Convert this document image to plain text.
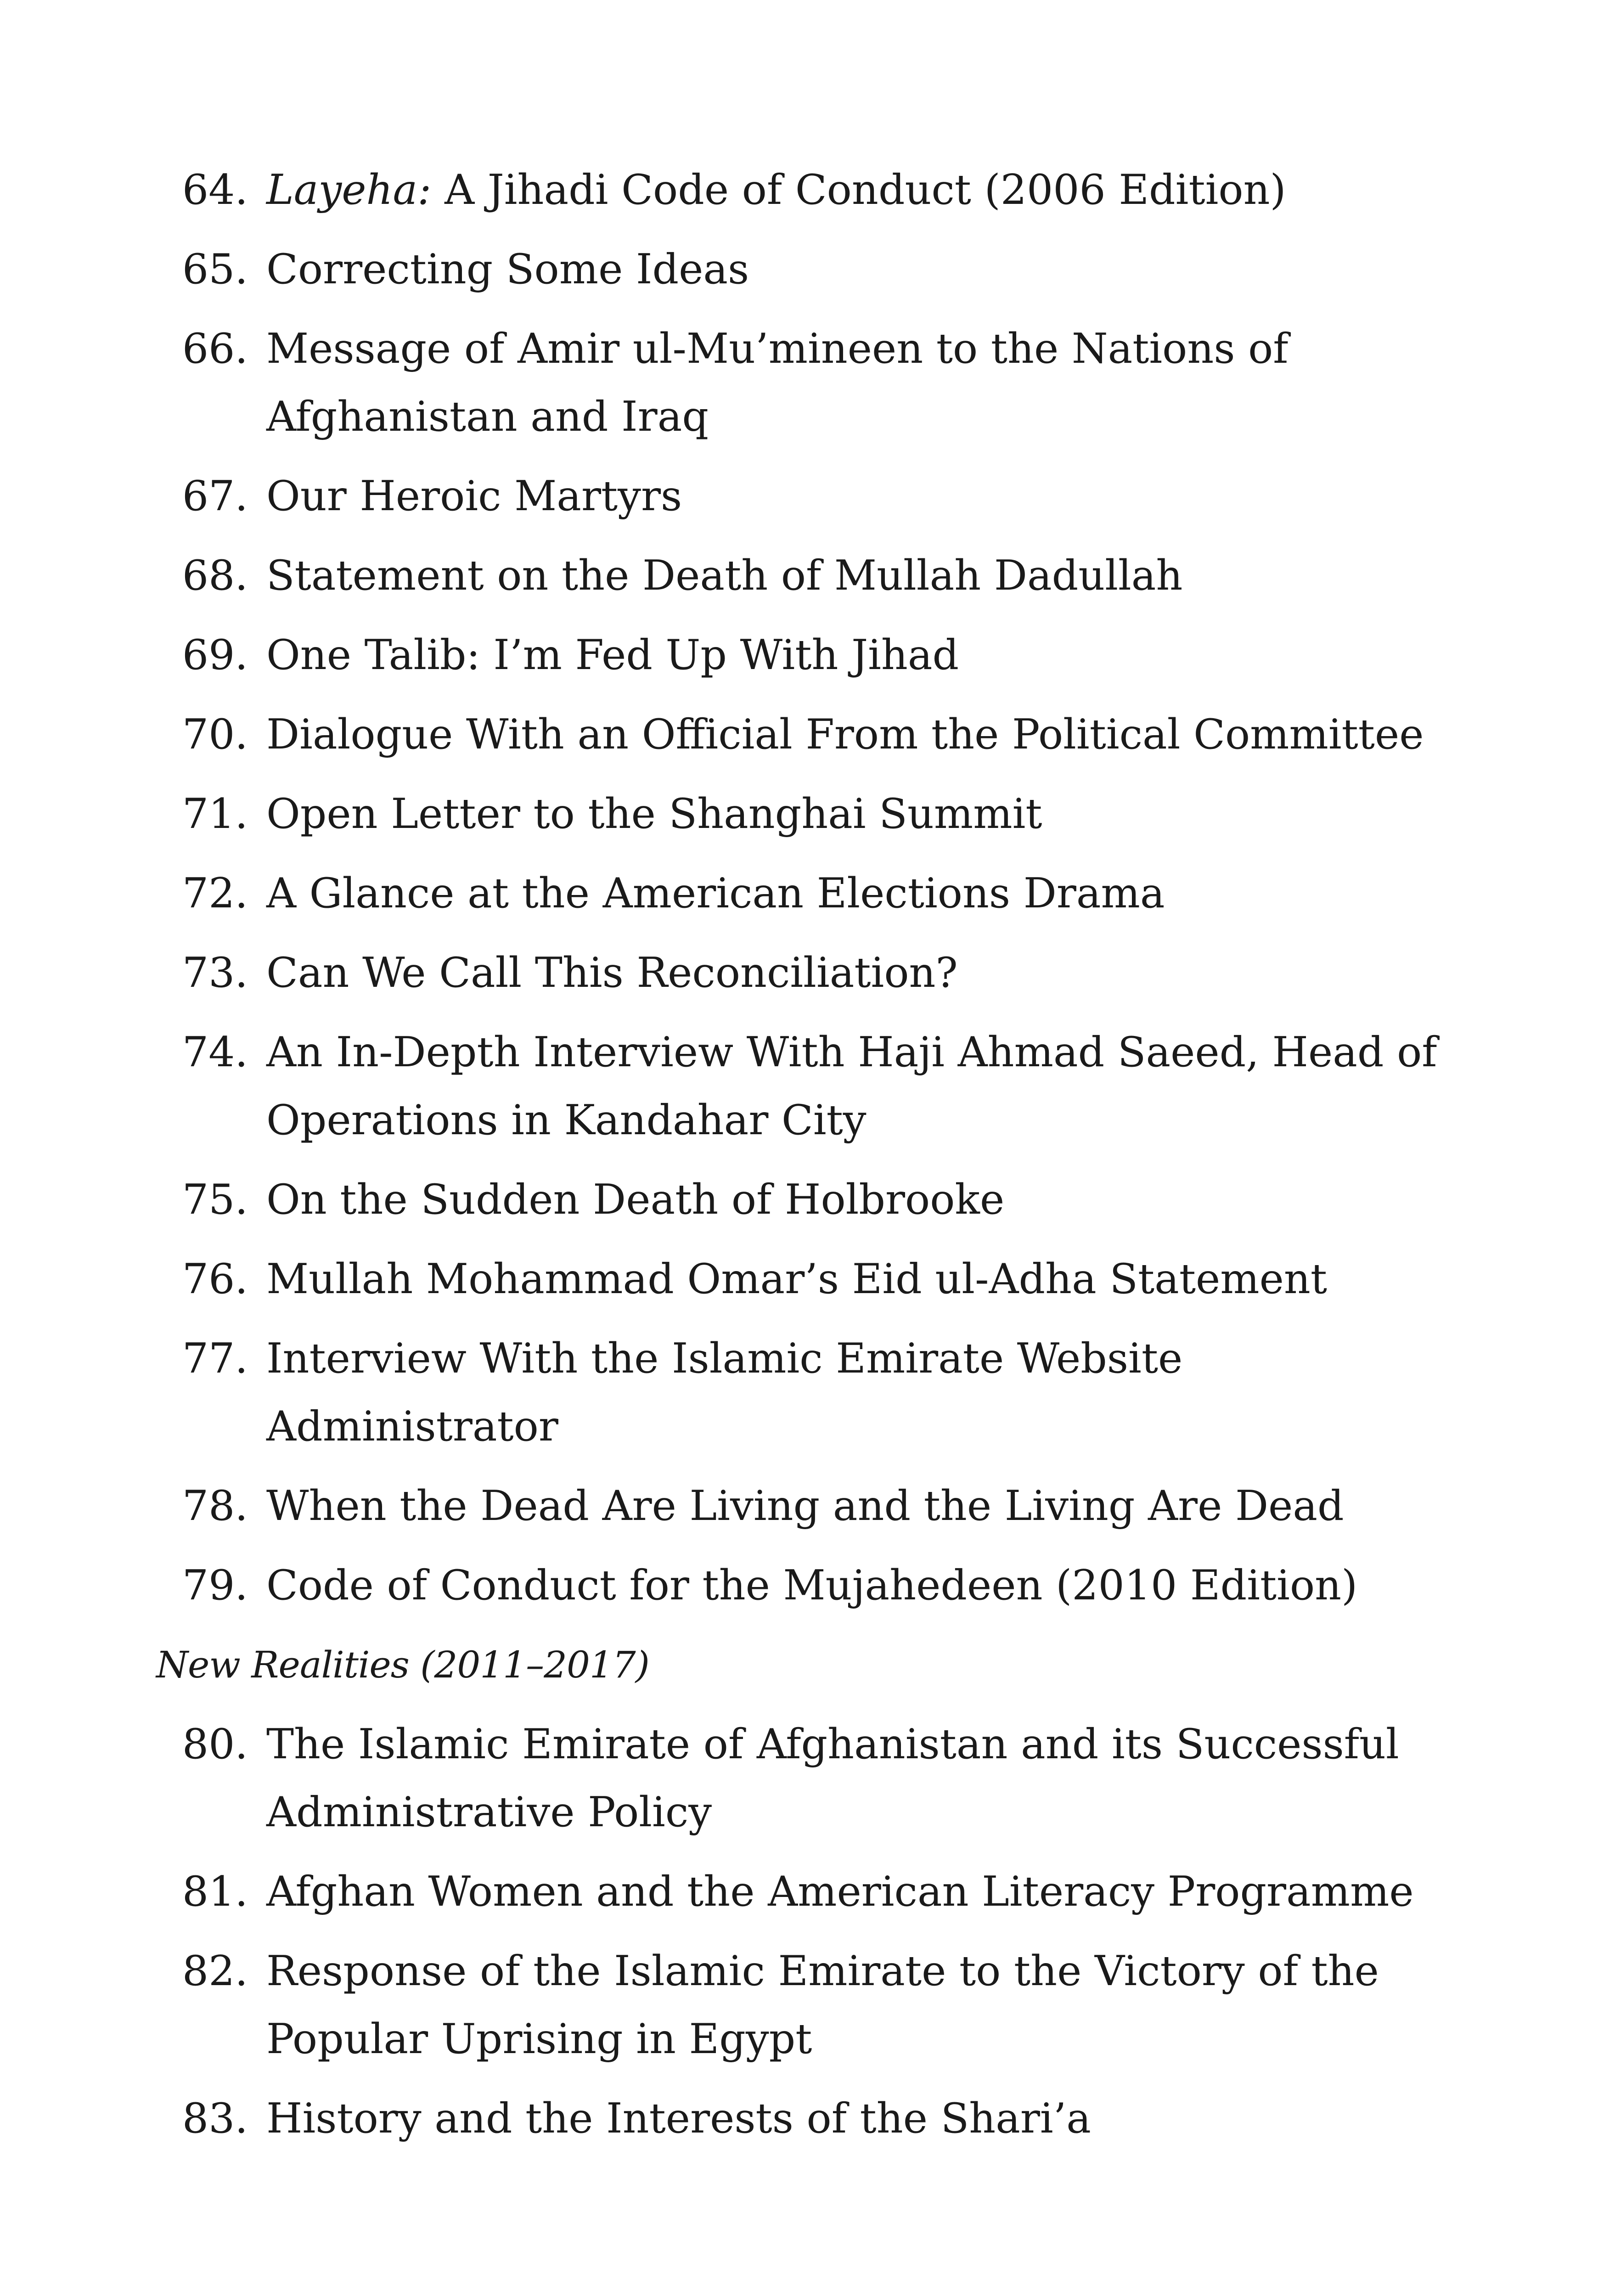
64. Layeha: A Jihadi Code of Conduct (2006 Edition)
65. Correcting Some Ideas
66. Message of Amir ul-Mu’mineen to the Nations of Afghanistan and Iraq
67. Our Heroic Martyrs
68. Statement on the Death of Mullah Dadullah
69. One Talib: I’m Fed Up With Jihad
70. Dialogue With an Official From the Political Committee
71. Open Letter to the Shanghai Summit
72. A Glance at the American Elections Drama
73. Can We Call This Reconciliation?
74. An In-Depth Interview With Haji Ahmad Saeed, Head of Operations in Kandahar City
75. On the Sudden Death of Holbrooke
76. Mullah Mohammad Omar’s Eid ul-Adha Statement
77. Interview With the Islamic Emirate Website Administrator
78. When the Dead Are Living and the Living Are Dead
79. Code of Conduct for the Mujahedeen (2010 Edition)
New Realities (2011–2017)
80. The Islamic Emirate of Afghanistan and its Successful Administrative Policy
81. Afghan Women and the American Literacy Programme
82. Response of the Islamic Emirate to the Victory of the Popular Uprising in Egypt
83. History and the Interests of the Shari’a
